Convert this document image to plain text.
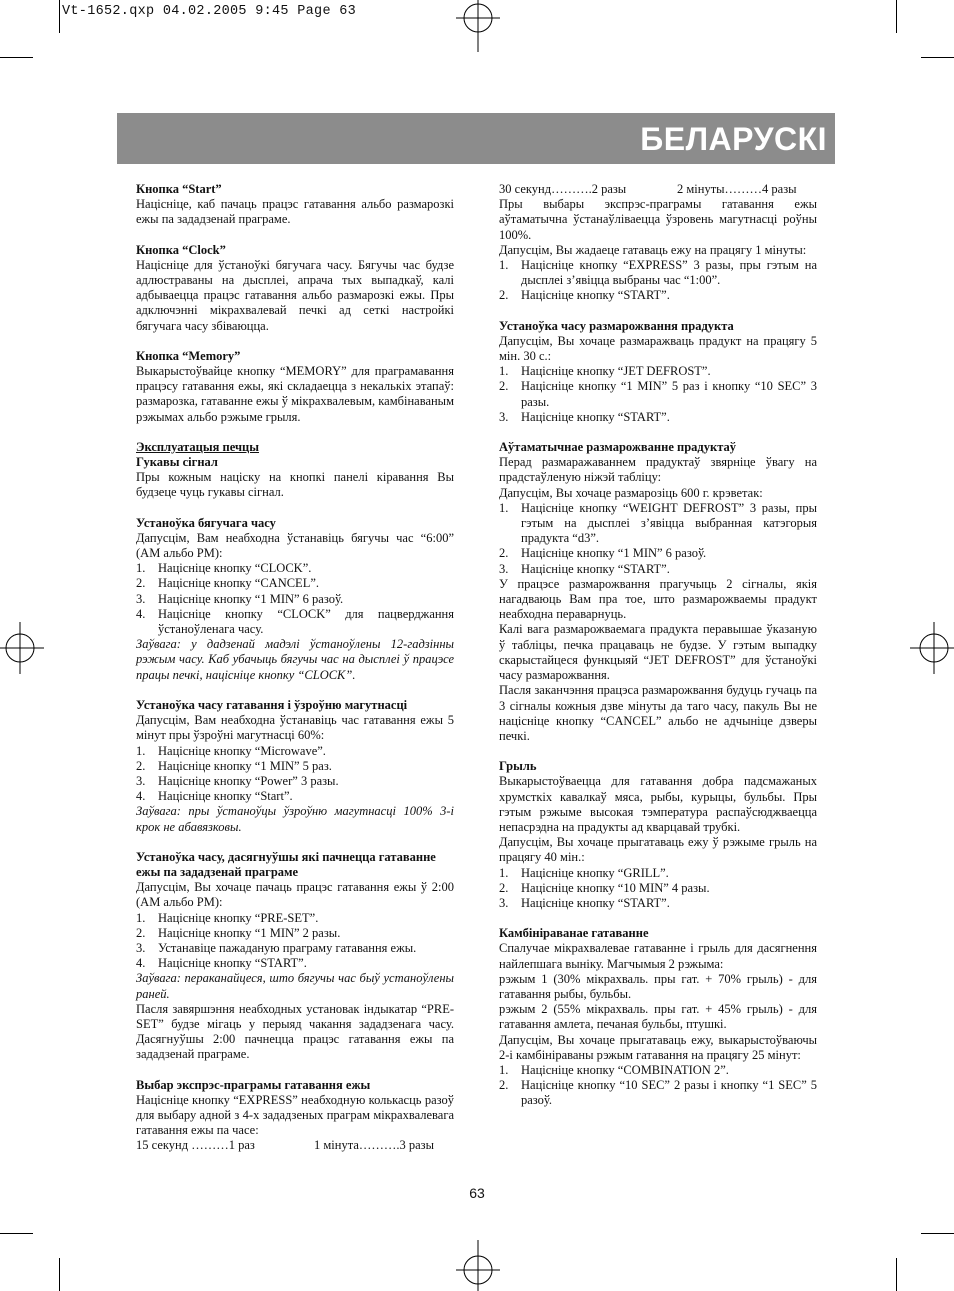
Vt-1652.qxp 04.02.2005 9:45 Page 63
БЕЛАРУСКІ
Кнопка “Start”

Націсніце, каб пачаць працэс гатавання альбо размарозкі ежы па зададзенай праграме.

Кнопка “Clock”

Націсніце для ўстаноўкі бягучага часу. Бягучы час будзе адлюстраваны на дысплеі, апрача тых выпадкаў, калі адбываецца працэс гатавання альбо размарозкі ежы. Пры адключэнні мікрахвалевай печкі ад сеткі настройкі бягучага часу збіваюцца.

Кнопка “Memory”

Выкарыстоўвайце кнопку “MEMORY” для праграмавання працэсу гатавання ежы, які складаецца з некалькіх этапаў: размарозка, гатаванне ежы ў мікрахвалевым, камбінаваным рэжымах альбо рэжыме грыля.

Эксплуатацыя печцы
Гукавы сігнал

Пры кожным націску на кнопкі панелі кіравання Вы будзеце чуць гукавы сігнал.

Устаноўка бягучага часу

Дапусцім, Вам неабходна ўстанавіць бягучы час “6:00” (AM альбо PM):

1. Націсніце кнопку “CLOCK”.
2. Націсніце кнопку “CANCEL”.
3. Націсніце кнопку “1 MIN” 6 разоў.
4. Націсніце кнопку “CLOCK” для пацверджання ўстаноўленага часу.
Заўвага: у дадзенай мадэлі ўстаноўлены 12-гадзінны рэжым часу. Каб убачыць бягучы час на дысплеі ў працэсе працы печкі, націсніце кнопку “CLOCK”.
Устаноўка часу гатавання і ўзроўню магутнасці

Дапусцім, Вам неабходна ўстанавіць час гатавання ежы 5 мінут пры ўзроўні магутнасці 60%:

1. Націсніце кнопку “Microwave”.
2. Націсніце кнопку “1 MIN” 5 раз.
3. Націсніце кнопку “Power” 3 разы.
4. Націсніце кнопку “Start”.
Заўвага: пры ўстаноўцы ўзроўню магутнасці 100% 3-і крок не абавязковы.
Устаноўка часу, дасягнуўшы які пачнецца гатаванне ежы па зададзенай праграме

Дапусцім, Вы хочаце пачаць працэс гатавання ежы ў 2:00 (AM альбо PM):

1. Націсніце кнопку “PRE-SET”.
2. Націсніце кнопку “1 MIN” 2 разы.
3. Устанавіце пажаданую праграму гатавання ежы.
4. Націсніце кнопку “START”.
Заўвага: пераканайцеся, што бягучы час быў устаноўлены раней.

Пасля завяршэння неабходных установак індыкатар “PRE-SET” будзе мігаць у перыяд чакання зададзенага часу. Дасягнуўшы 2:00 пачнецца працэс гатавання ежы па зададзенай праграме.

Выбар экспрэс-праграмы гатавання ежы

Націсніце кнопку “EXPRESS” неабходную колькасць разоў для выбару адной з 4-х зададзеных праграм мікрахвалевага гатавання ежы па часе:

15 секунд ………1 раз	1 мінута……….3 разы
30 секунд……….2 разы	2 мінуты………4 разы

Пры выбары экспрэс-праграмы гатавання ежы аўтаматычна ўстанаўліваецца ўзровень магутнасці роўны 100%.

Дапусцім, Вы жадаеце гатаваць ежу на працягу 1 мінуты:

1. Націсніце кнопку “EXPRESS” 3 разы, пры гэтым на дысплеі з’явіцца выбраны час “1:00”.
2. Націсніце кнопку “START”.
Устаноўка часу размарожвання прадукта

Дапусцім, Вы хочаце размаражваць прадукт на працягу 5 мін. 30 с.:

1. Націсніце кнопку “JET DEFROST”.
2. Націсніце кнопку “1 MIN” 5 раз і кнопку “10 SEC” 3 разы.
3. Націсніце кнопку “START”.
Аўтаматычнае размарожванне прадуктаў

Перад размаражаваннем прадуктаў звярніце ўвагу на прадстаўленую ніжэй табліцу:

Дапусцім, Вы хочаце размарозіць 600 г. крэветак:

1. Націсніце кнопку “WEIGHT DEFROST” 3 разы, пры гэтым на дысплеі з’явіцца выбранная катэгорыя прадукта “d3”.
2. Націсніце кнопку “1 MIN” 6 разоў.
3. Націсніце кнопку “START”.

У працэсе размарожвання прагучыць 2 сігналы, якія нагадваюць Вам пра тое, што размарожваемы прадукт неабходна пераварнуць.

Калі вага размарожваемага прадукта перавышае ўказаную ў табліцы, печка працаваць не будзе. У гэтым выпадку скарыстайцеся функцыяй “JET DEFROST” для ўстаноўкі часу размарожвання.

Пасля заканчэння працэса размарожвання будуць гучаць па 3 сігналы кожныя дзве мінуты да таго часу, пакуль Вы не націсніце кнопку “CANCEL” альбо не адчыніце дзверы печкі.

Грыль

Выкарыстоўваецца для гатавання добра падсмажаных хрумсткіх кавалкаў мяса, рыбы, курыцы, бульбы. Пры гэтым рэжыме высокая тэмпература распаўсюджваецца непасрэдна на прадукты ад кварцавай трубкі.

Дапусцім, Вы хочаце прыгатаваць ежу ў рэжыме грыль на працягу 40 мін.:

1. Націсніце кнопку “GRILL”.
2. Націсніце кнопку “10 MIN” 4 разы.
3. Націсніце кнопку “START”.
Камбініраванае гатаванне

Спалучае мікрахвалевае гатаванне і грыль для дасягнення найлепшага выніку. Магчымыя 2 рэжыма:

рэжым 1 (30% мікрахваль. пры гат. + 70% грыль) - для гатавання рыбы, бульбы.

рэжым 2 (55% мікрахваль. пры гат. + 45% грыль) - для гатавання амлета, печаная бульбы, птушкі.

Дапусцім, Вы хочаце прыгатаваць ежу, выкарыстоўваючы 2-і камбініраваны рэжым гатавання на працягу 25 мінут:

1. Націсніце кнопку “COMBINATION 2”.
2. Націсніце кнопку “10 SEC” 2 разы і кнопку “1 SEC” 5 разоў.
63
